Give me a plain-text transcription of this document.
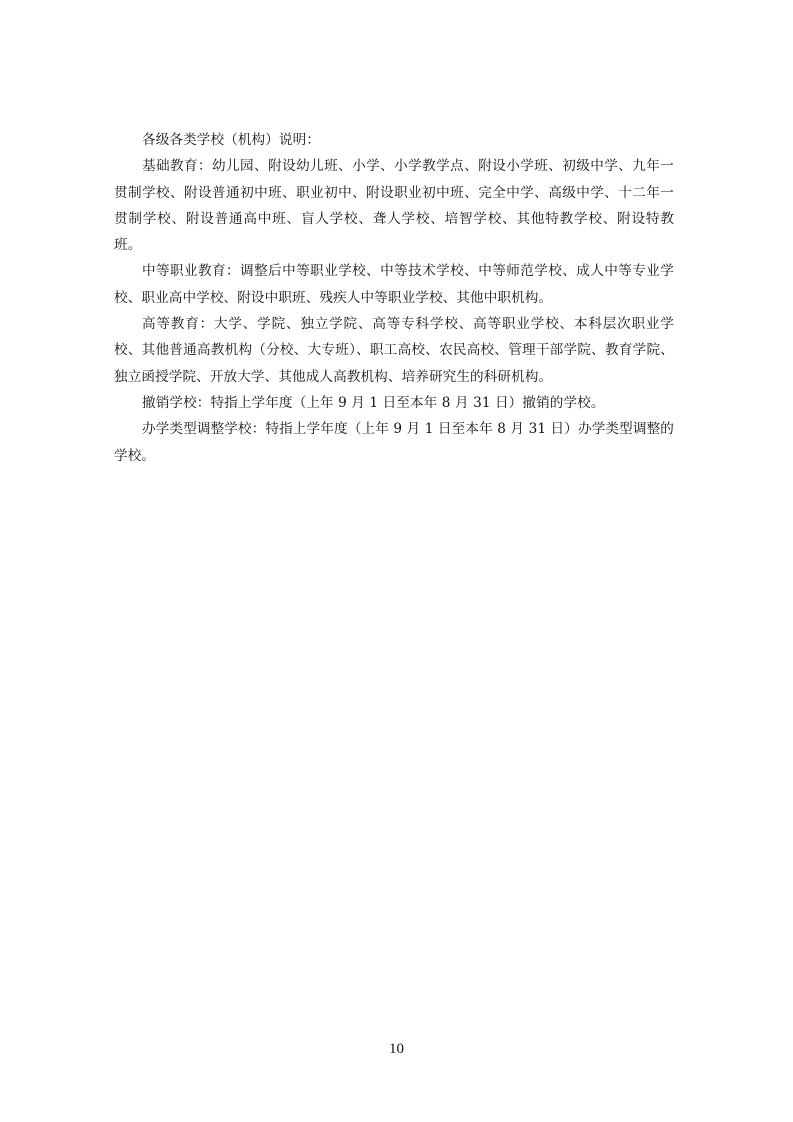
各级各类学校（机构）说明：

基础教育：幼儿园、附设幼儿班、小学、小学教学点、附设小学班、初级中学、九年一贯制学校、附设普通初中班、职业初中、附设职业初中班、完全中学、高级中学、十二年一贯制学校、附设普通高中班、盲人学校、聋人学校、培智学校、其他特教学校、附设特教班。

中等职业教育：调整后中等职业学校、中等技术学校、中等师范学校、成人中等专业学校、职业高中学校、附设中职班、残疾人中等职业学校、其他中职机构。

高等教育：大学、学院、独立学院、高等专科学校、高等职业学校、本科层次职业学校、其他普通高教机构（分校、大专班）、职工高校、农民高校、管理干部学院、教育学院、独立函授学院、开放大学、其他成人高教机构、培养研究生的科研机构。

撤销学校：特指上学年度（上年 9 月 1 日至本年 8 月 31 日）撤销的学校。

办学类型调整学校：特指上学年度（上年 9 月 1 日至本年 8 月 31 日）办学类型调整的学校。

10
